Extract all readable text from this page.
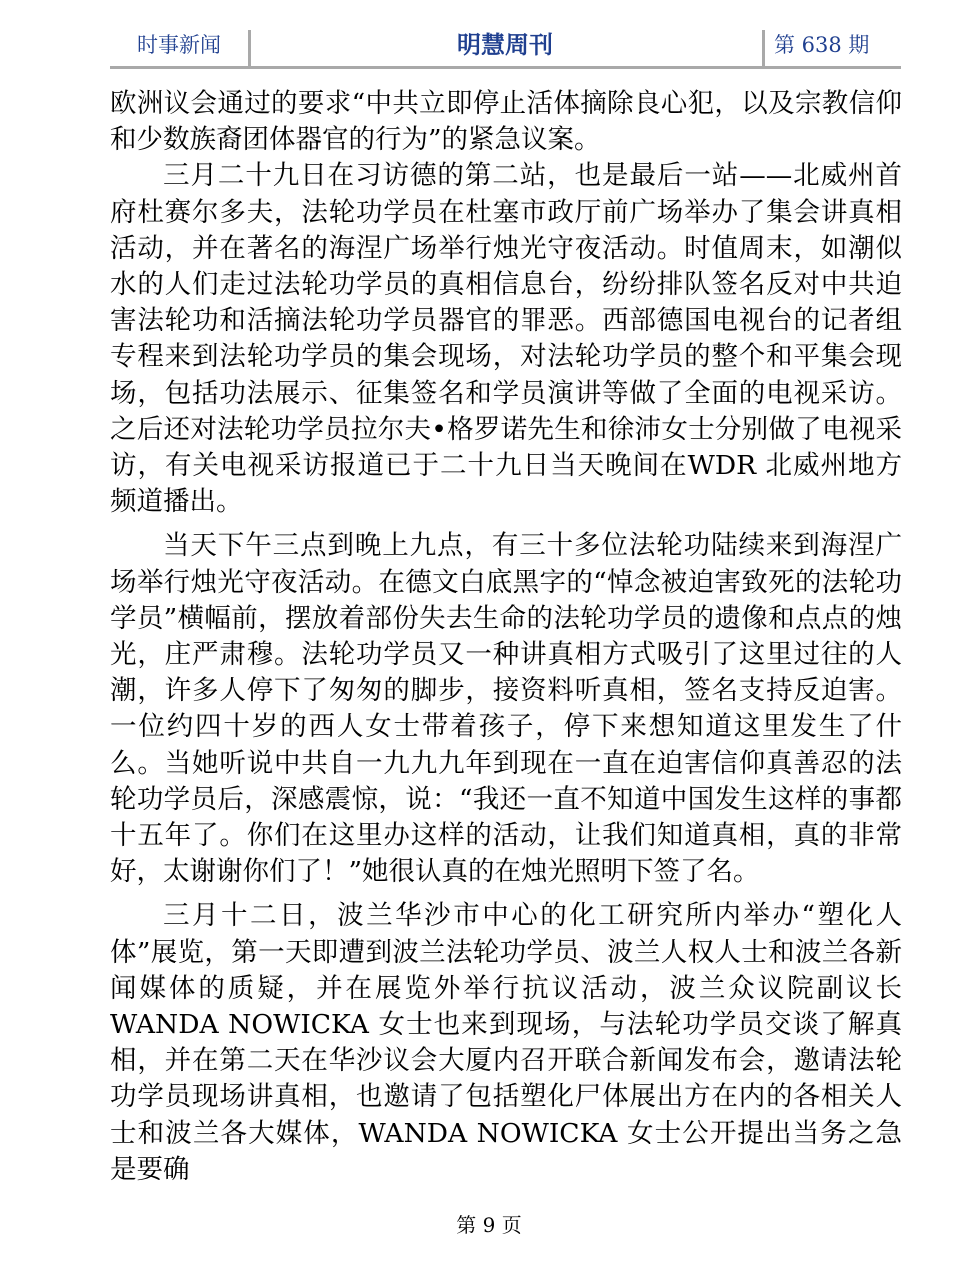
时事新闻	明慧周刊	第 638 期

欧洲议会通过的要求“中共立即停止活体摘除良心犯，以及宗教信仰和少数族裔团体器官的行为”的紧急议案。

三月二十九日在习访德的第二站，也是最后一站——北威州首府杜赛尔多夫，法轮功学员在杜塞市政厅前广场举办了集会讲真相活动，并在著名的海涅广场举行烛光守夜活动。时值周末，如潮似水的人们走过法轮功学员的真相信息台，纷纷排队签名反对中共迫害法轮功和活摘法轮功学员器官的罪恶。西部德国电视台的记者组专程来到法轮功学员的集会现场，对法轮功学员的整个和平集会现场，包括功法展示、征集签名和学员演讲等做了全面的电视采访。之后还对法轮功学员拉尔夫•格罗诺先生和徐沛女士分别做了电视采访，有关电视采访报道已于二十九日当天晚间在WDR 北威州地方频道播出。

当天下午三点到晚上九点，有三十多位法轮功陆续来到海涅广场举行烛光守夜活动。在德文白底黑字的“悼念被迫害致死的法轮功学员”横幅前，摆放着部份失去生命的法轮功学员的遗像和点点的烛光，庄严肃穆。法轮功学员又一种讲真相方式吸引了这里过往的人潮，许多人停下了匆匆的脚步，接资料听真相，签名支持反迫害。一位约四十岁的西人女士带着孩子，停下来想知道这里发生了什么。当她听说中共自一九九九年到现在一直在迫害信仰真善忍的法轮功学员后，深感震惊，说：“我还一直不知道中国发生这样的事都十五年了。你们在这里办这样的活动，让我们知道真相，真的非常好，太谢谢你们了！”她很认真的在烛光照明下签了名。

三月十二日，波兰华沙市中心的化工研究所内举办“塑化人体”展览，第一天即遭到波兰法轮功学员、波兰人权人士和波兰各新闻媒体的质疑，并在展览外举行抗议活动，波兰众议院副议长WANDA NOWICKA 女士也来到现场，与法轮功学员交谈了解真相，并在第二天在华沙议会大厦内召开联合新闻发布会，邀请法轮功学员现场讲真相，也邀请了包括塑化尸体展出方在内的各相关人士和波兰各大媒体，WANDA NOWICKA 女士公开提出当务之急是要确

第 9 页
